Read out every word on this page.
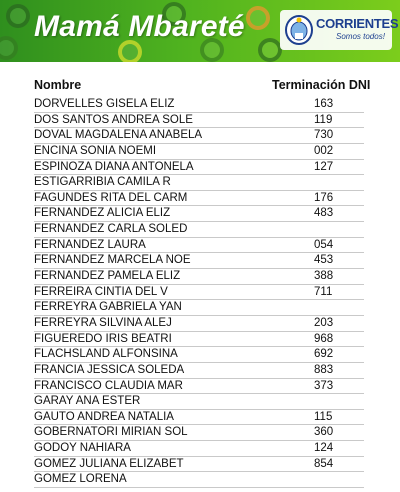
Mamá Mbareté	CORRIENTES
Somos todos!
Nombre	Terminación DNI
DORVELLES GISELA ELIZ	163
DOS SANTOS ANDREA SOLE	119
DOVAL MAGDALENA ANABELA	730
ENCINA SONIA NOEMI	002
ESPINOZA DIANA ANTONELA	127
ESTIGARRIBIA CAMILA R
FAGUNDES RITA DEL CARM	176
FERNANDEZ ALICIA ELIZ	483
FERNANDEZ CARLA SOLED
FERNANDEZ LAURA	054
FERNANDEZ MARCELA NOE	453
FERNANDEZ PAMELA ELIZ	388
FERREIRA CINTIA DEL V	711
FERREYRA GABRIELA YAN
FERREYRA SILVINA ALEJ	203
FIGUEREDO IRIS BEATRI	968
FLACHSLAND ALFONSINA	692
FRANCIA JESSICA SOLEDA	883
FRANCISCO CLAUDIA MAR	373
GARAY ANA ESTER
GAUTO ANDREA NATALIA	115
GOBERNATORI MIRIAN SOL	360
GODOY NAHIARA	124
GOMEZ JULIANA ELIZABET	854
GOMEZ LORENA
